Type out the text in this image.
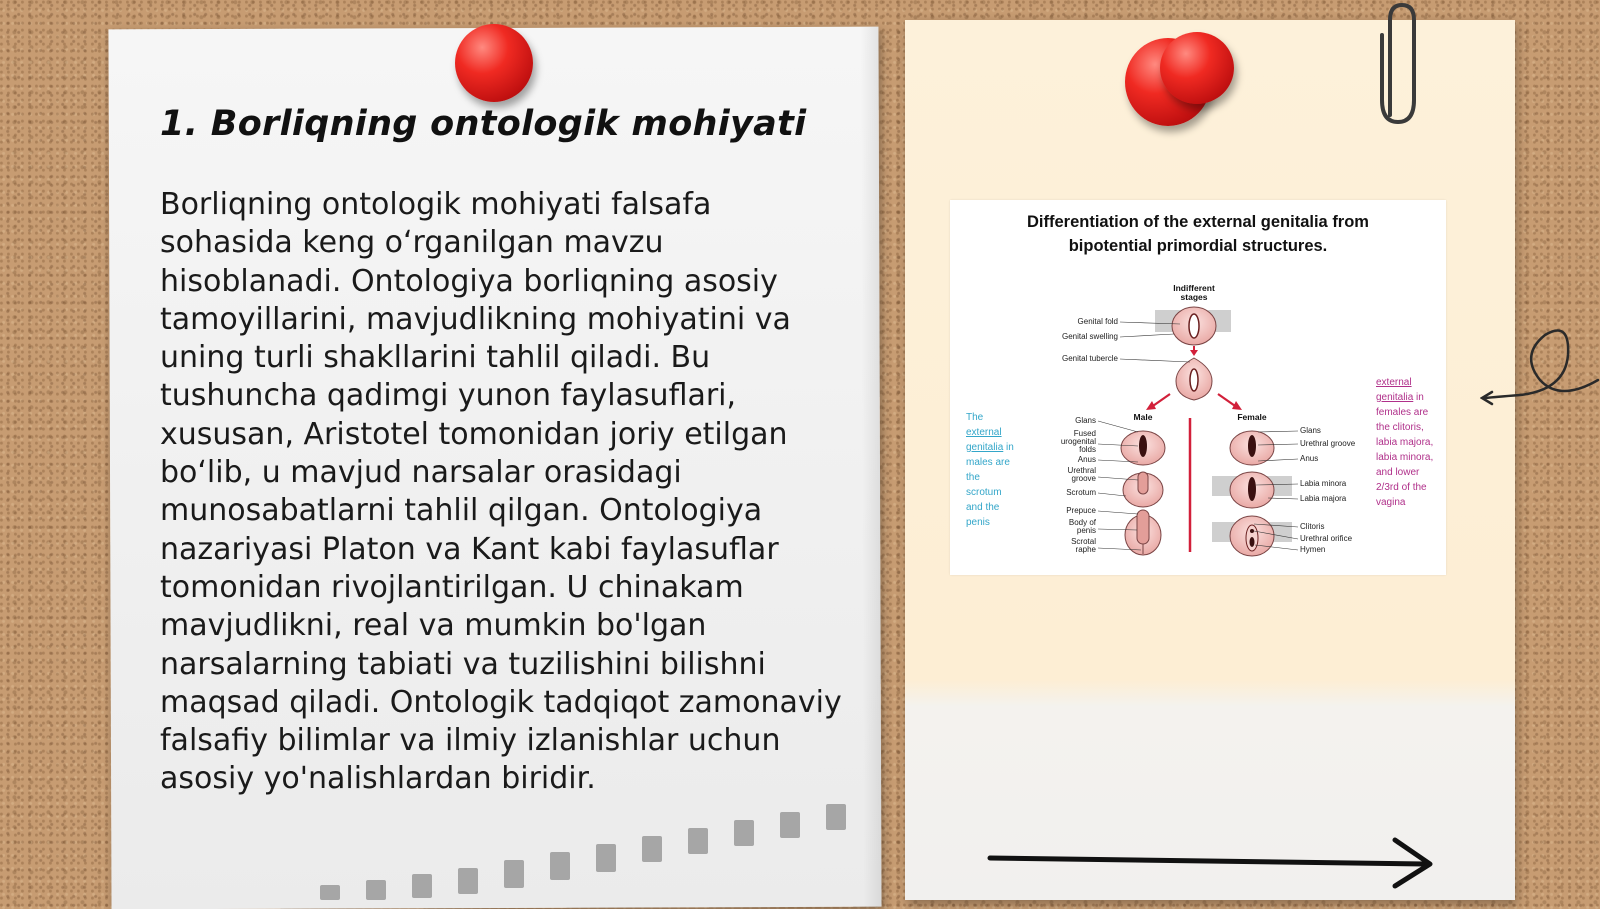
1. Borliqning ontologik mohiyati

Borliqning ontologik mohiyati falsafa sohasida keng o‘rganilgan mavzu hisoblanadi. Ontologiya borliqning asosiy tamoyillarini, mavjudlikning mohiyatini va uning turli shakllarini tahlil qiladi. Bu tushuncha qadimgi yunon faylasuflari, xususan, Aristotel tomonidan joriy etilgan bo‘lib, u mavjud narsalar orasidagi munosabatlarni tahlil qilgan. Ontologiya nazariyasi Platon va Kant kabi faylasuflar tomonidan rivojlantirilgan. U chinakam mavjudlikni, real va mumkin bo'lgan narsalarning tabiati va tuzilishini bilishni maqsad qiladi. Ontologik tadqiqot zamonaviy falsafiy bilimlar va ilmiy izlanishlar uchun asosiy yo'nalishlardan biridir.

Differentiation of the external genitalia from
bipotential primordial structures.
Indifferent
stages
Genital fold
Genital swelling
Genital tubercle
Male	Female
Glans
Fused
urogenital
folds
Anus
Urethral
groove
Scrotum
Prepuce
Body of
penis
Scrotal
raphe
Glans
Urethral groove
Anus
Labia minora
Labia majora
Clitoris
Urethral orifice
Hymen
The external genitalia in males are the scrotum and the penis
external genitalia in females are the clitoris, labia majora, labia minora, and lower 2/3rd of the vagina
